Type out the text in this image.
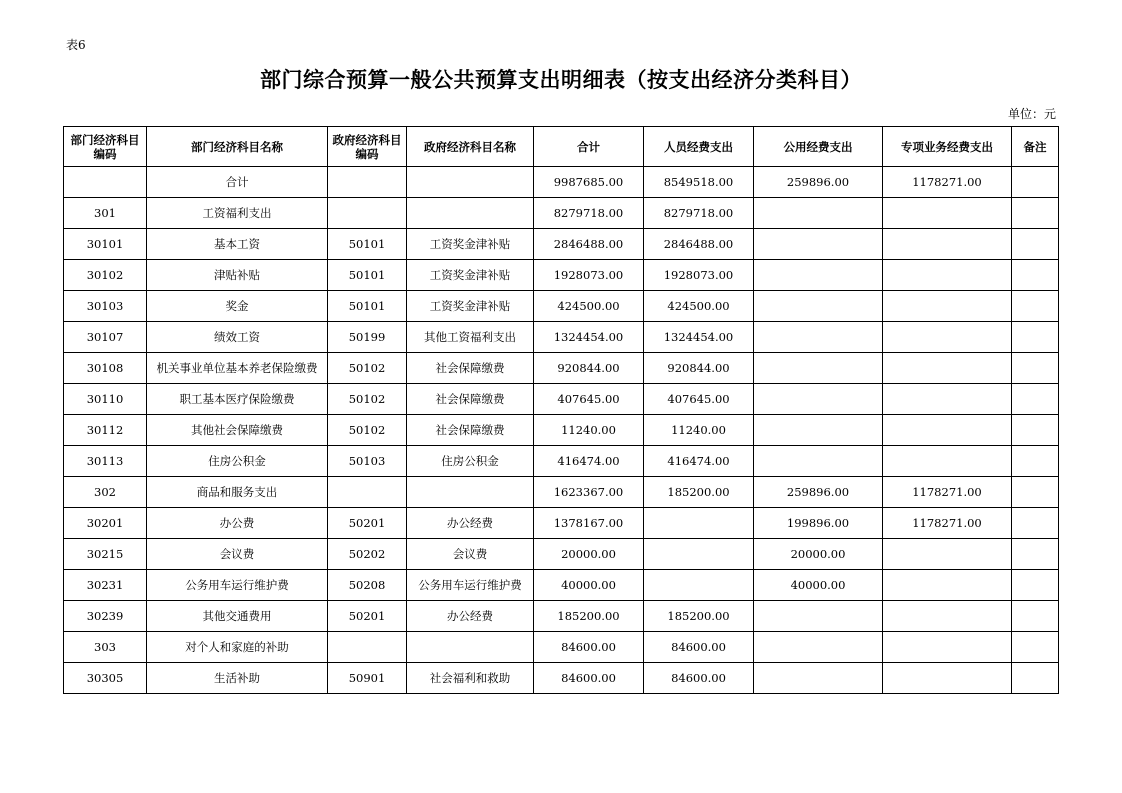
表6
部门综合预算一般公共预算支出明细表（按支出经济分类科目）
单位：元
部门经济科目编码	部门经济科目名称	政府经济科目编码	政府经济科目名称	合计	人员经费支出	公用经费支出	专项业务经费支出	备注
	合计			9987685.00	8549518.00	259896.00	1178271.00	
301	工资福利支出			8279718.00	8279718.00			
30101	基本工资	50101	工资奖金津补贴	2846488.00	2846488.00			
30102	津贴补贴	50101	工资奖金津补贴	1928073.00	1928073.00			
30103	奖金	50101	工资奖金津补贴	424500.00	424500.00			
30107	绩效工资	50199	其他工资福利支出	1324454.00	1324454.00			
30108	机关事业单位基本养老保险缴费	50102	社会保障缴费	920844.00	920844.00			
30110	职工基本医疗保险缴费	50102	社会保障缴费	407645.00	407645.00			
30112	其他社会保障缴费	50102	社会保障缴费	11240.00	11240.00			
30113	住房公积金	50103	住房公积金	416474.00	416474.00			
302	商品和服务支出			1623367.00	185200.00	259896.00	1178271.00	
30201	办公费	50201	办公经费	1378167.00		199896.00	1178271.00	
30215	会议费	50202	会议费	20000.00		20000.00		
30231	公务用车运行维护费	50208	公务用车运行维护费	40000.00		40000.00		
30239	其他交通费用	50201	办公经费	185200.00	185200.00			
303	对个人和家庭的补助			84600.00	84600.00			
30305	生活补助	50901	社会福利和救助	84600.00	84600.00			
